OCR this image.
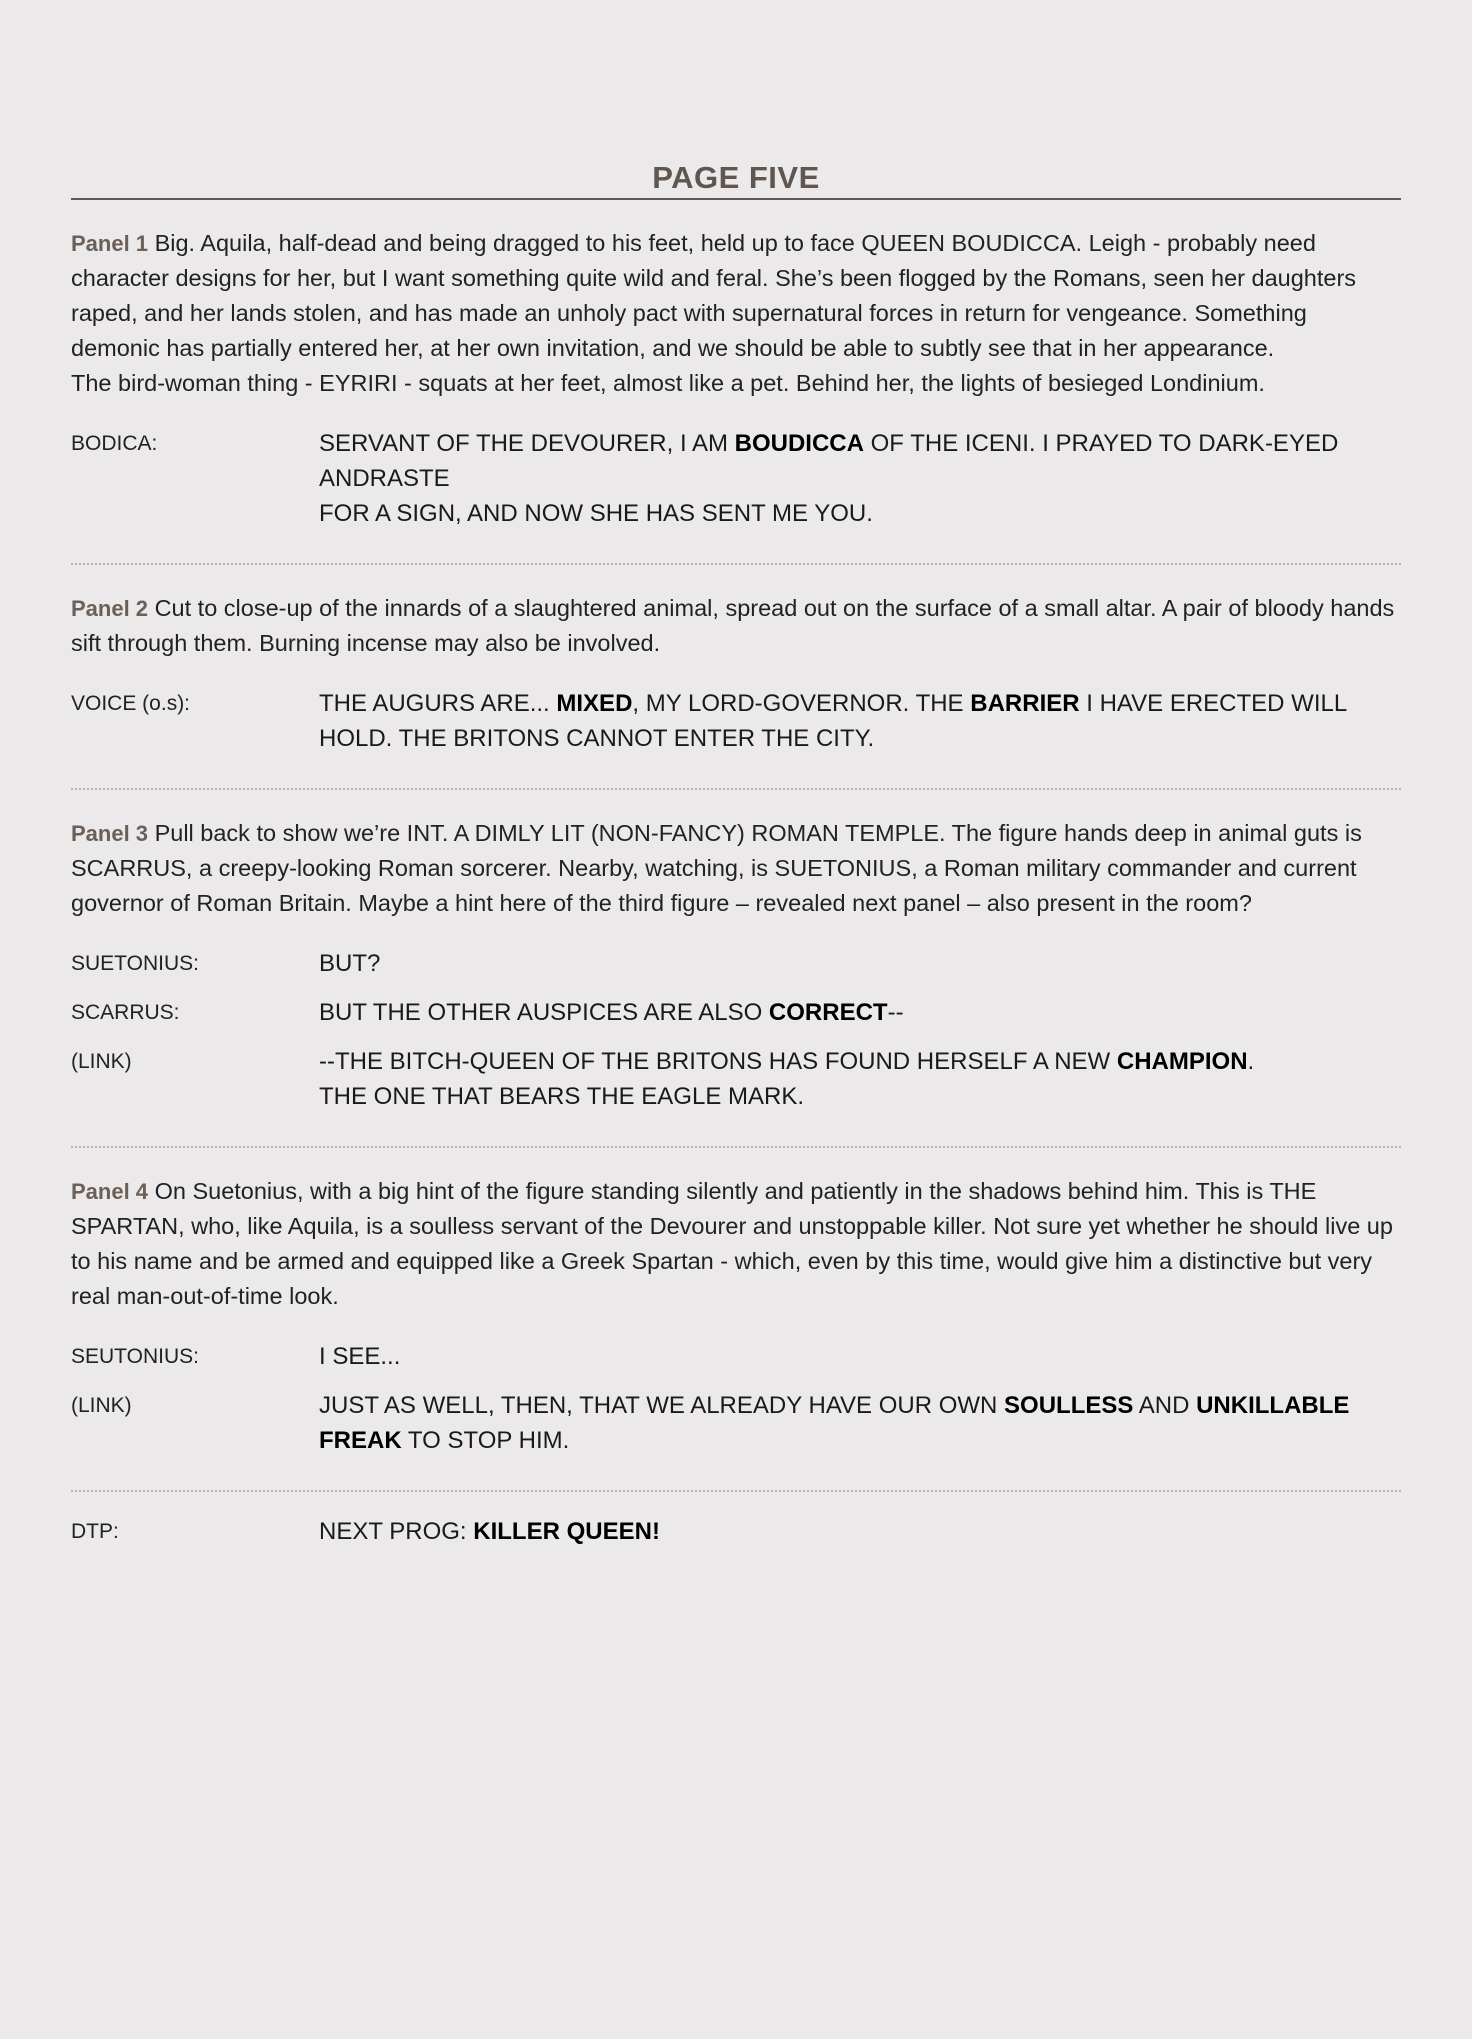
PAGE FIVE
Panel 1 Big. Aquila, half-dead and being dragged to his feet, held up to face QUEEN BOUDICCA. Leigh - probably need character designs for her, but I want something quite wild and feral. She’s been flogged by the Romans, seen her daughters raped, and her lands stolen, and has made an unholy pact with supernatural forces in return for vengeance. Something demonic has partially entered her, at her own invitation, and we should be able to subtly see that in her appearance.
The bird-woman thing - EYRIRI - squats at her feet, almost like a pet. Behind her, the lights of besieged Londinium.
BODICA:	SERVANT OF THE DEVOURER, I AM BOUDICCA OF THE ICENI. I PRAYED TO DARK-EYED ANDRASTE
FOR A SIGN, AND NOW SHE HAS SENT ME YOU.
Panel 2 Cut to close-up of the innards of a slaughtered animal, spread out on the surface of a small altar. A pair of bloody hands sift through them. Burning incense may also be involved.
VOICE (o.s):	THE AUGURS ARE... MIXED, MY LORD-GOVERNOR. THE BARRIER I HAVE ERECTED WILL HOLD. THE BRITONS CANNOT ENTER THE CITY.
Panel 3 Pull back to show we’re INT. A DIMLY LIT (NON-FANCY) ROMAN TEMPLE. The figure hands deep in animal guts is SCARRUS, a creepy-looking Roman sorcerer. Nearby, watching, is SUETONIUS, a Roman military commander and current governor of Roman Britain. Maybe a hint here of the third figure – revealed next panel – also present in the room?
SUETONIUS:	BUT?
SCARRUS:	BUT THE OTHER AUSPICES ARE ALSO CORRECT--
(LINK)	--THE BITCH-QUEEN OF THE BRITONS HAS FOUND HERSELF A NEW CHAMPION.
THE ONE THAT BEARS THE EAGLE MARK.
Panel 4 On Suetonius, with a big hint of the figure standing silently and patiently in the shadows behind him. This is THE SPARTAN, who, like Aquila, is a soulless servant of the Devourer and unstoppable killer. Not sure yet whether he should live up to his name and be armed and equipped like a Greek Spartan - which, even by this time, would give him a distinctive but very real man-out-of-time look.
SEUTONIUS:	I SEE...
(LINK)	JUST AS WELL, THEN, THAT WE ALREADY HAVE OUR OWN SOULLESS AND UNKILLABLE FREAK TO STOP HIM.
DTP:	NEXT PROG: KILLER QUEEN!
